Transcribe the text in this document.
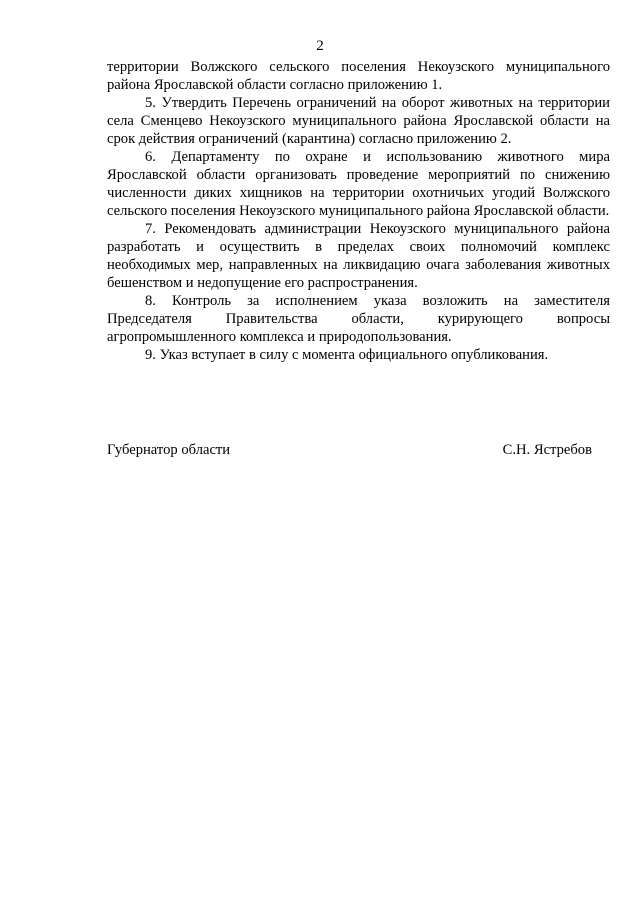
2

территории Волжского сельского поселения Некоузского муниципального района Ярославской области согласно приложению 1.

5. Утвердить Перечень ограничений на оборот животных на территории села Сменцево Некоузского муниципального района Ярославской области на срок действия ограничений (карантина) согласно приложению 2.

6. Департаменту по охране и использованию животного мира Ярославской области организовать проведение мероприятий по снижению численности диких хищников на территории охотничьих угодий Волжского сельского поселения Некоузского муниципального района Ярославской области.

7. Рекомендовать администрации Некоузского муниципального района разработать и осуществить в пределах своих полномочий комплекс необходимых мер, направленных на ликвидацию очага заболевания животных бешенством и недопущение его распространения.

8. Контроль за исполнением указа возложить на заместителя Председателя Правительства области, курирующего вопросы агропромышленного комплекса и природопользования.

9. Указ вступает в силу с момента официального опубликования.

Губернатор области	С.Н. Ястребов
